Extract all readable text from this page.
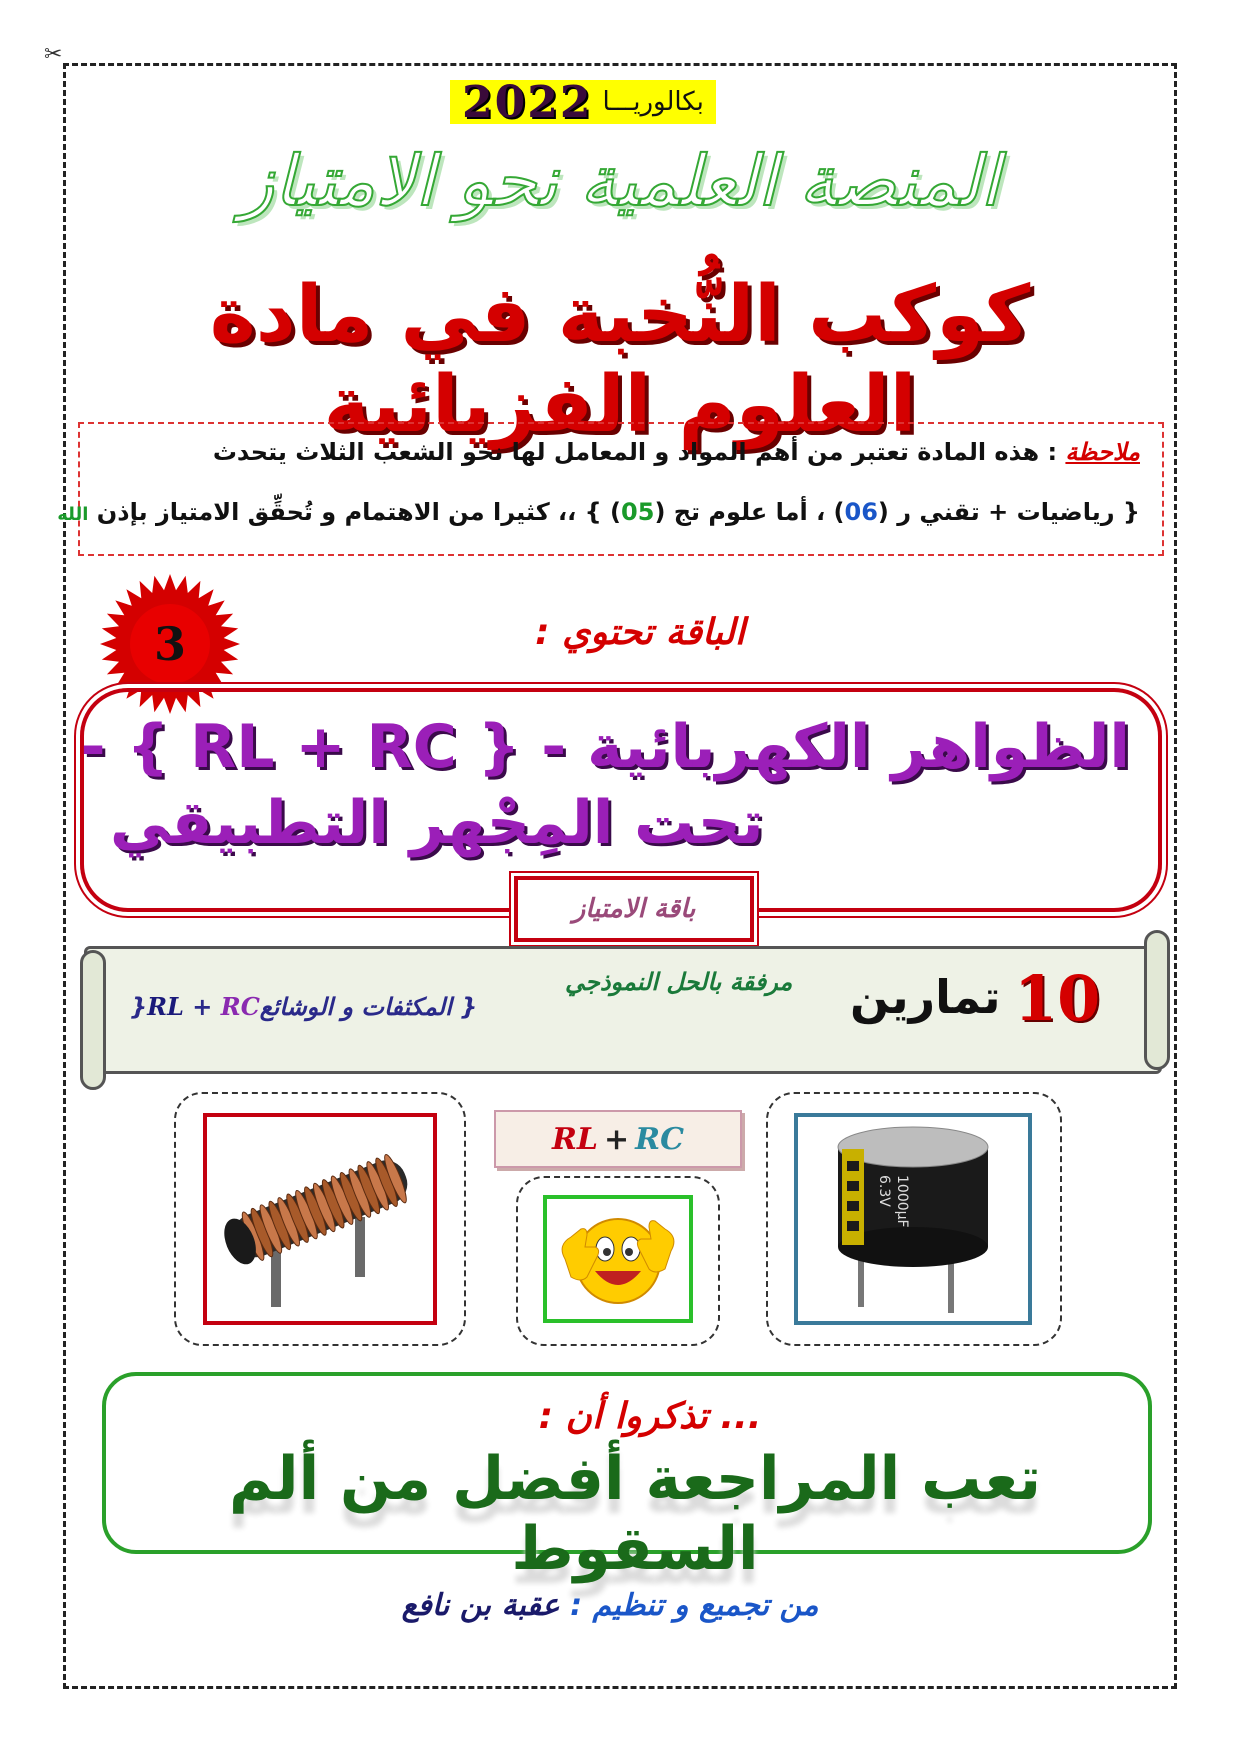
✂
2022 بكالوريـــا
المنصة العلمية نحو الامتياز
كوكب النُّخبة في مادة العلوم الفزيائية
ملاحظة : هذه المادة تعتبر من أهم المواد و المعامل لها نحو الشعب الثلاث يتحدث
{ رياضيات + تقني ر (06) ، أما علوم تج (05) } ،، كثيرا من الاهتمام و تُحقِّق الامتياز بإذن الله
3	الباقة تحتوي :
الظواهر الكهربائية - { RL + RC } -
تحت المِجْهر التطبيقي
باقة الامتياز
10
تمارين
مرفقة بالحل النموذجي
}RL + RC{ المكثفات و الوشائع
RL + RC
1000µF
6.3V
... تذكروا أن :
تعب المراجعة أفضل من ألم السقوط
من تجميع و تنظيم : عقبة بن نافع
